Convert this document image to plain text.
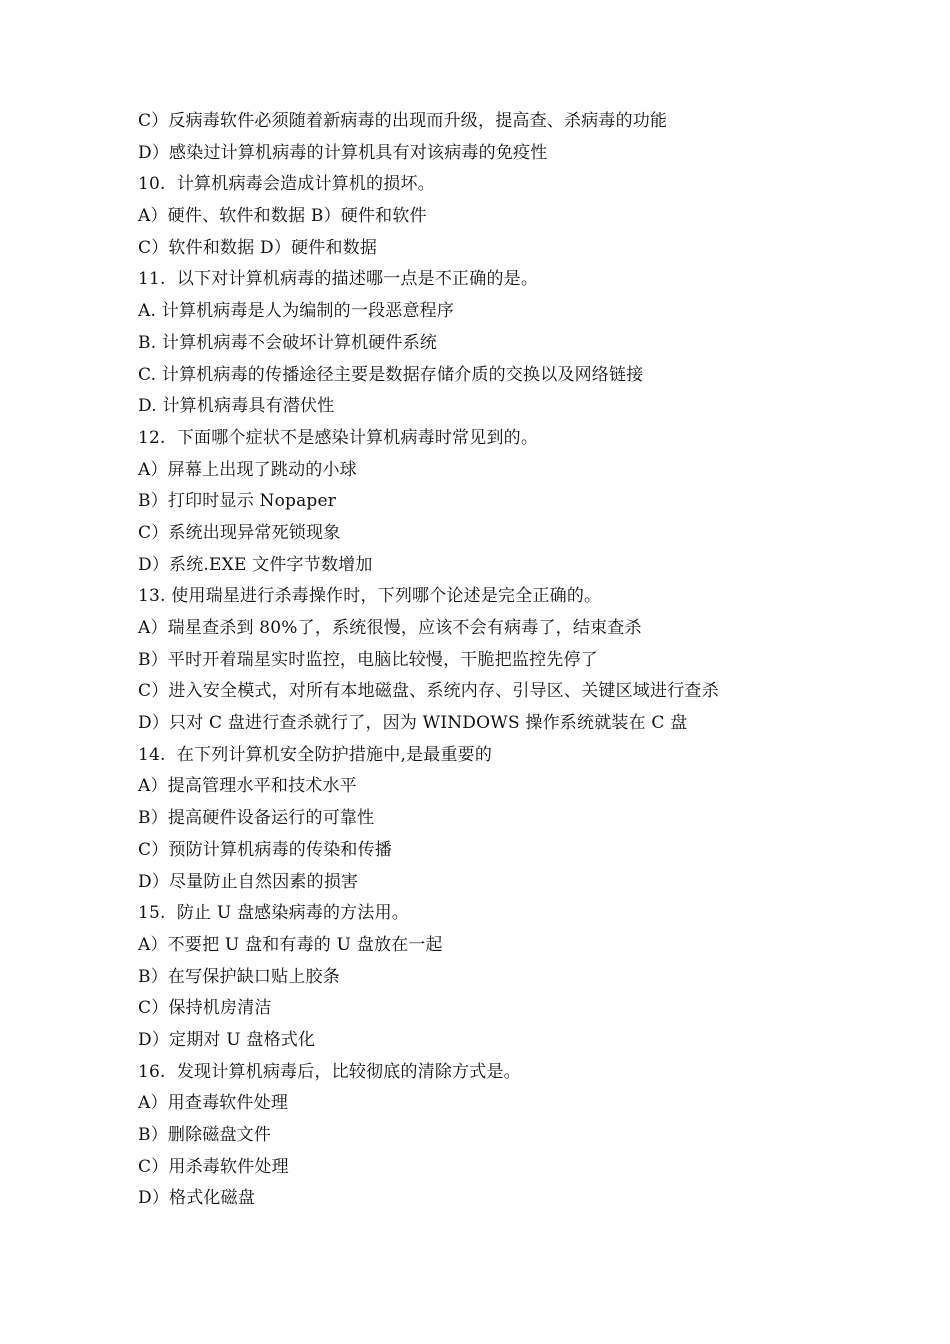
C）反病毒软件必须随着新病毒的出现而升级，提高查、杀病毒的功能
D）感染过计算机病毒的计算机具有对该病毒的免疫性
10.  计算机病毒会造成计算机的损坏。
A）硬件、软件和数据 B）硬件和软件
C）软件和数据 D）硬件和数据
11.  以下对计算机病毒的描述哪一点是不正确的是。
A. 计算机病毒是人为编制的一段恶意程序
B. 计算机病毒不会破坏计算机硬件系统
C. 计算机病毒的传播途径主要是数据存储介质的交换以及网络链接
D. 计算机病毒具有潜伏性
12.  下面哪个症状不是感染计算机病毒时常见到的。
A）屏幕上出现了跳动的小球
B）打印时显示 Nopaper
C）系统出现异常死锁现象
D）系统.EXE 文件字节数增加
13. 使用瑞星进行杀毒操作时，下列哪个论述是完全正确的。
A）瑞星查杀到 80%了，系统很慢，应该不会有病毒了，结束查杀
B）平时开着瑞星实时监控，电脑比较慢，干脆把监控先停了
C）进入安全模式，对所有本地磁盘、系统内存、引导区、关键区域进行查杀
D）只对 C 盘进行查杀就行了，因为 WINDOWS 操作系统就装在 C 盘
14.  在下列计算机安全防护措施中,是最重要的
A）提高管理水平和技术水平
B）提高硬件设备运行的可靠性
C）预防计算机病毒的传染和传播
D）尽量防止自然因素的损害
15.  防止 U 盘感染病毒的方法用。
A）不要把 U 盘和有毒的 U 盘放在一起
B）在写保护缺口贴上胶条
C）保持机房清洁
D）定期对 U 盘格式化
16.  发现计算机病毒后，比较彻底的清除方式是。
A）用查毒软件处理
B）删除磁盘文件
C）用杀毒软件处理
D）格式化磁盘
